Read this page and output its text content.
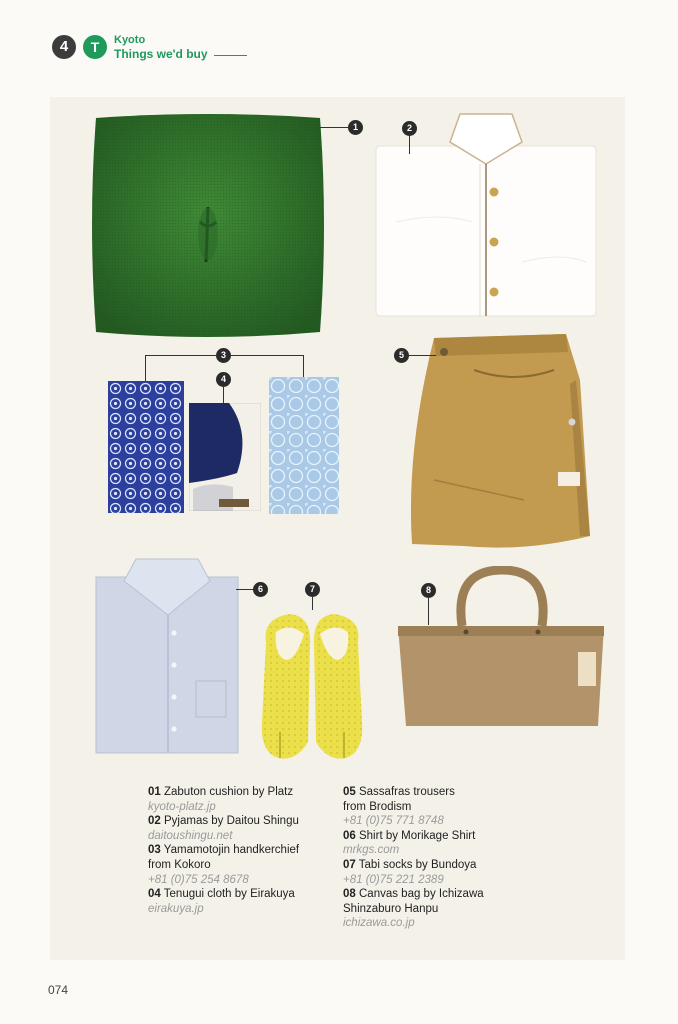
4	T	Kyoto
Things we'd buy
1	2
3
4
5
6	7	8
01 Zabuton cushion by Platz
kyoto-platz.jp
02 Pyjamas by Daitou Shingu
daitoushingu.net
03 Yamamotojin handkerchief
from Kokoro
+81 (0)75 254 8678
04 Tenugui cloth by Eirakuya
eirakuya.jp
05 Sassafras trousers
from Brodism
+81 (0)75 771 8748
06 Shirt by Morikage Shirt
mrkgs.com
07 Tabi socks by Bundoya
+81 (0)75 221 2389
08 Canvas bag by Ichizawa
Shinzaburo Hanpu
ichizawa.co.jp
074
